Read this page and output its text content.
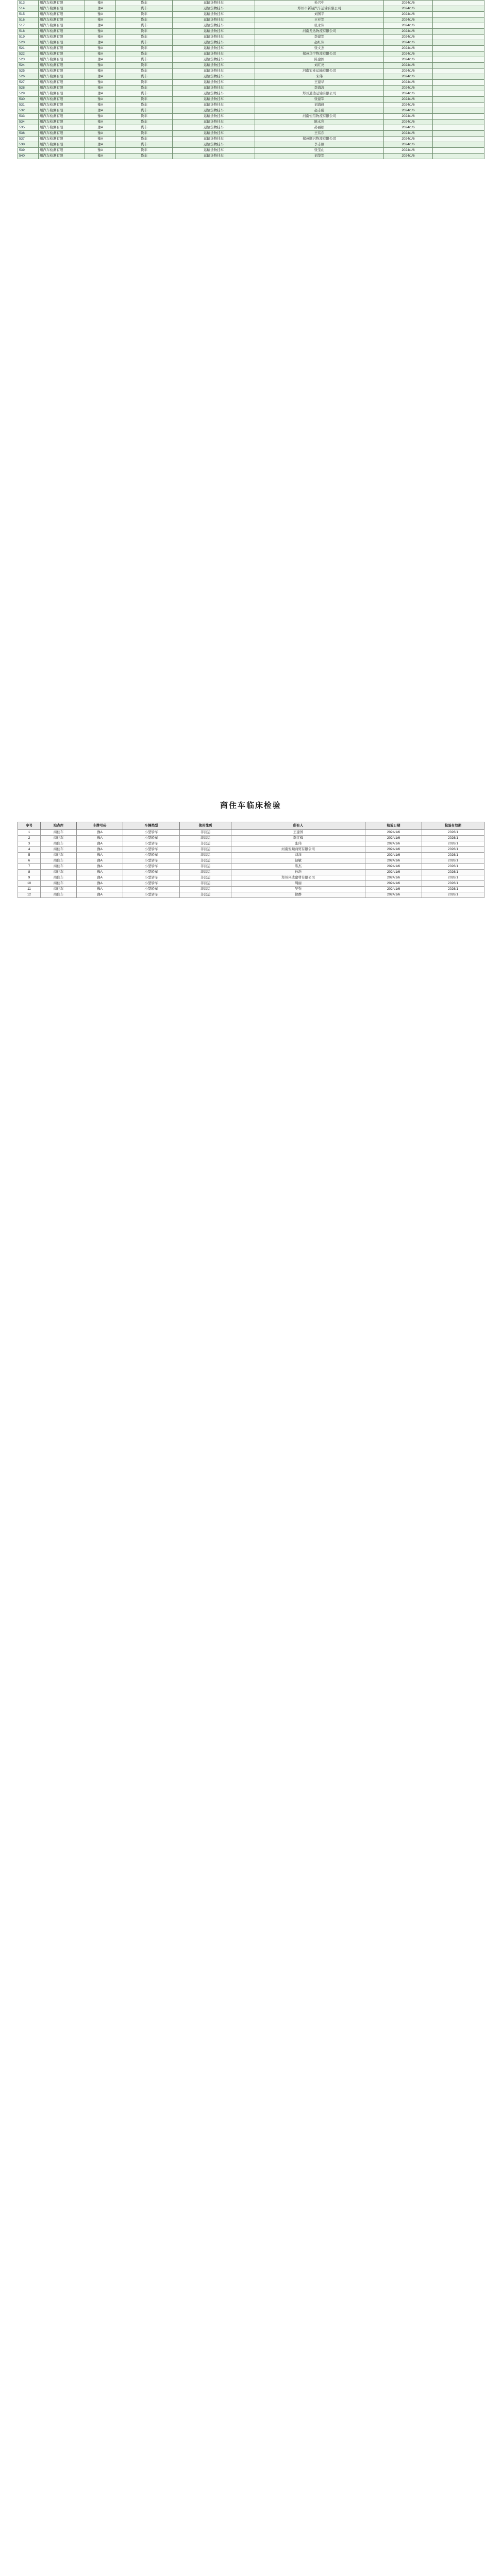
513	州汽车检测有限	豫A	货车	运输货物挂车	孙兴中	2024/1/6	
514	州汽车检测有限	豫A	货车	运输货物挂车	郑州市新达汽车运输有限公司	2024/1/6	
515	州汽车检测有限	豫A	货车	运输货物挂车	刘国平	2024/1/6	
516	州汽车检测有限	豫A	货车	运输货物挂车	王亚军	2024/1/6	
517	州汽车检测有限	豫A	货车	运输货物挂车	张永伟	2024/1/6	
518	州汽车检测有限	豫A	货车	运输货物挂车	河南龙达物流有限公司	2024/1/6	
519	州汽车检测有限	豫A	货车	运输货物挂车	李建军	2024/1/6	
520	州汽车检测有限	豫A	货车	运输货物挂车	赵红伟	2024/1/6	
521	州汽车检测有限	豫A	货车	运输货物挂车	张文杰	2024/1/6	
522	州汽车检测有限	豫A	货车	运输货物挂车	郑州华宇物流有限公司	2024/1/6	
523	州汽车检测有限	豫A	货车	运输货物挂车	陈建国	2024/1/6	
524	州汽车检测有限	豫A	货车	运输货物挂车	刘红亮	2024/1/6	
525	州汽车检测有限	豫A	货车	运输货物挂车	河南宏业运输有限公司	2024/1/6	
526	州汽车检测有限	豫A	货车	运输货物挂车	宋伟	2024/1/6	
527	州汽车检测有限	豫A	货车	运输货物挂车	王建华	2024/1/6	
528	州汽车检测有限	豫A	货车	运输货物挂车	李海涛	2024/1/6	
529	州汽车检测有限	豫A	货车	运输货物挂车	郑州通达运输有限公司	2024/1/6	
530	州汽车检测有限	豫A	货车	运输货物挂车	张建军	2024/1/6	
531	州汽车检测有限	豫A	货车	运输货物挂车	刘海峰	2024/1/6	
532	州汽车检测有限	豫A	货车	运输货物挂车	赵志强	2024/1/6	
533	州汽车检测有限	豫A	货车	运输货物挂车	河南恒信物流有限公司	2024/1/6	
534	州汽车检测有限	豫A	货车	运输货物挂车	陈永利	2024/1/6	
535	州汽车检测有限	豫A	货车	运输货物挂车	孙丽娟	2024/1/6	
536	州汽车检测有限	豫A	货车	运输货物挂车	王伟东	2024/1/6	
537	州汽车检测有限	豫A	货车	运输货物挂车	郑州顺兴物流有限公司	2024/1/6	
538	州汽车检测有限	豫A	货车	运输货物挂车	李志刚	2024/1/6	
539	州汽车检测有限	豫A	货车	运输货物挂车	张宝山	2024/1/6	
540	州汽车检测有限	豫A	货车	运输货物挂车	刘华军	2024/1/6	
商住车临床检验
序号	站点库	车牌号码	车辆类型	使用性质	所有人	检验日期	检验有效期
1	商住车	豫A	小型轿车	非营运	王建国	2024/1/6	2026/1
2	商住车	豫A	小型轿车	非营运	李红梅	2024/1/6	2026/1
3	商住车	豫A	小型轿车	非营运	张伟	2024/1/6	2026/1
4	商住车	豫A	小型轿车	非营运	河南安顺商贸有限公司	2024/1/6	2026/1
5	商住车	豫A	小型轿车	非营运	刘洋	2024/1/6	2026/1
6	商住车	豫A	小型轿车	非营运	赵敏	2024/1/6	2026/1
7	商住车	豫A	小型轿车	非营运	陈杰	2024/1/6	2026/1
8	商住车	豫A	小型轿车	非营运	孙浩	2024/1/6	2026/1
9	商住车	豫A	小型轿车	非营运	郑州兴达建材有限公司	2024/1/6	2026/1
10	商住车	豫A	小型轿车	非营运	周丽	2024/1/6	2026/1
11	商住车	豫A	小型轿车	非营运	吴强	2024/1/6	2026/1
12	商住车	豫A	小型轿车	非营运	徐静	2024/1/6	2026/1
